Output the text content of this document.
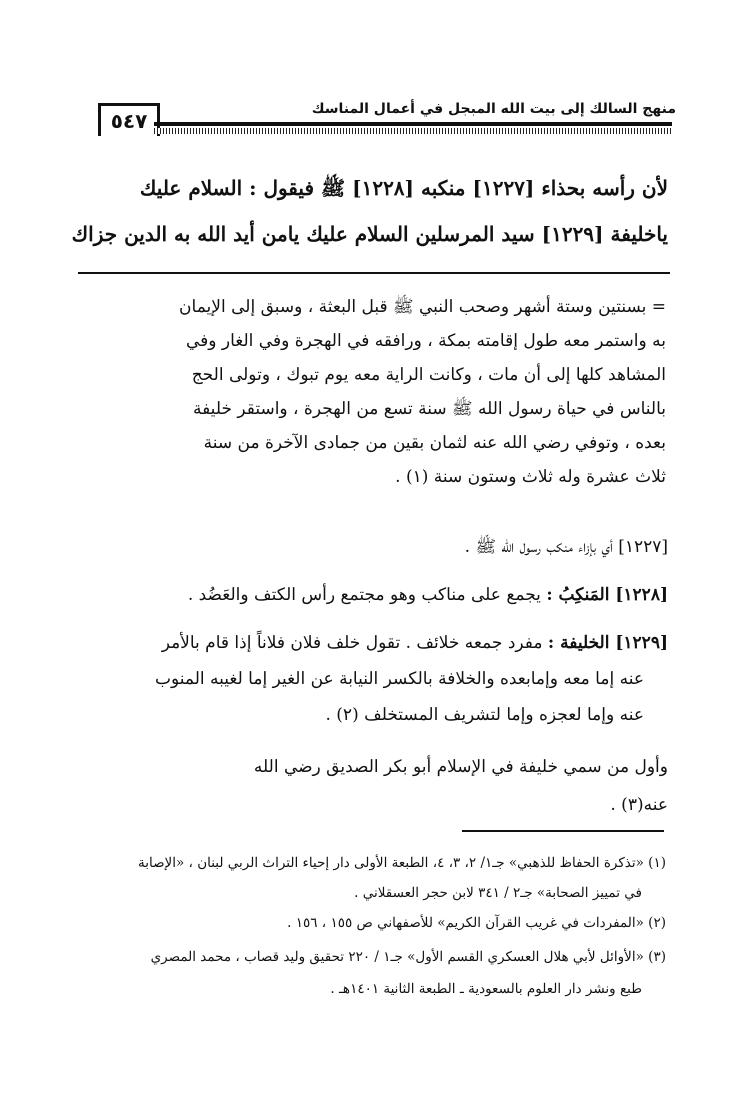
٥٤٧	منهج السالك إلى بيت الله المبجل في أعمال المناسك
لأن رأسه بحذاء [١٢٢٧] منكبه [١٢٢٨] ﷺ فيقول : السلام عليك
ياخليفة [١٢٢٩] سيد المرسلين السلام عليك يامن أيد الله به الدين جزاك
= بسنتين وستة أشهر وصحب النبي ﷺ قبل البعثة ، وسبق إلى الإيمان
به واستمر معه طول إقامته بمكة ، ورافقه في الهجرة وفي الغار وفي
المشاهد كلها إلى أن مات ، وكانت الراية معه يوم تبوك ، وتولى الحج
بالناس في حياة رسول الله ﷺ سنة تسع من الهجرة ، واستقر خليفة
بعده ، وتوفي رضي الله عنه لثمان بقين من جمادى الآخرة من سنة
ثلاث عشرة وله ثلاث وستون سنة (١) .
[١٢٢٧] أي بإزاء منكب رسول الله ﷺ .
[١٢٢٨] المَنكِبُ : يجمع على مناكب وهو مجتمع رأس الكتف والعَضُد .
[١٢٢٩] الخليفة : مفرد جمعه خلائف . تقول خلف فلان فلاناً إذا قام بالأمر
عنه إما معه وإمابعده والخلافة بالكسر النيابة عن الغير إما لغيبه المنوب
عنه وإما لعجزه وإما لتشريف المستخلف (٢) .
وأول من سمي خليفة في الإسلام أبو بكر الصديق رضي الله
عنه(٣) .
(١) «تذكرة الحفاظ للذهبي» جـ١/ ٢، ٣، ٤، الطبعة الأولى دار إحياء التراث الربي لبنان ، «الإصابة
في تمييز الصحابة» جـ٢ / ٣٤١ لابن حجر العسقلاني .
(٢) «المفردات في غريب القرآن الكريم» للأصفهاني ص ١٥٥ ، ١٥٦ .
(٣) «الأوائل لأبي هلال العسكري القسم الأول» جـ١ / ٢٢٠ تحقيق وليد قصاب ، محمد المصري
طبع ونشر دار العلوم بالسعودية ـ الطبعة الثانية ١٤٠١هـ .
